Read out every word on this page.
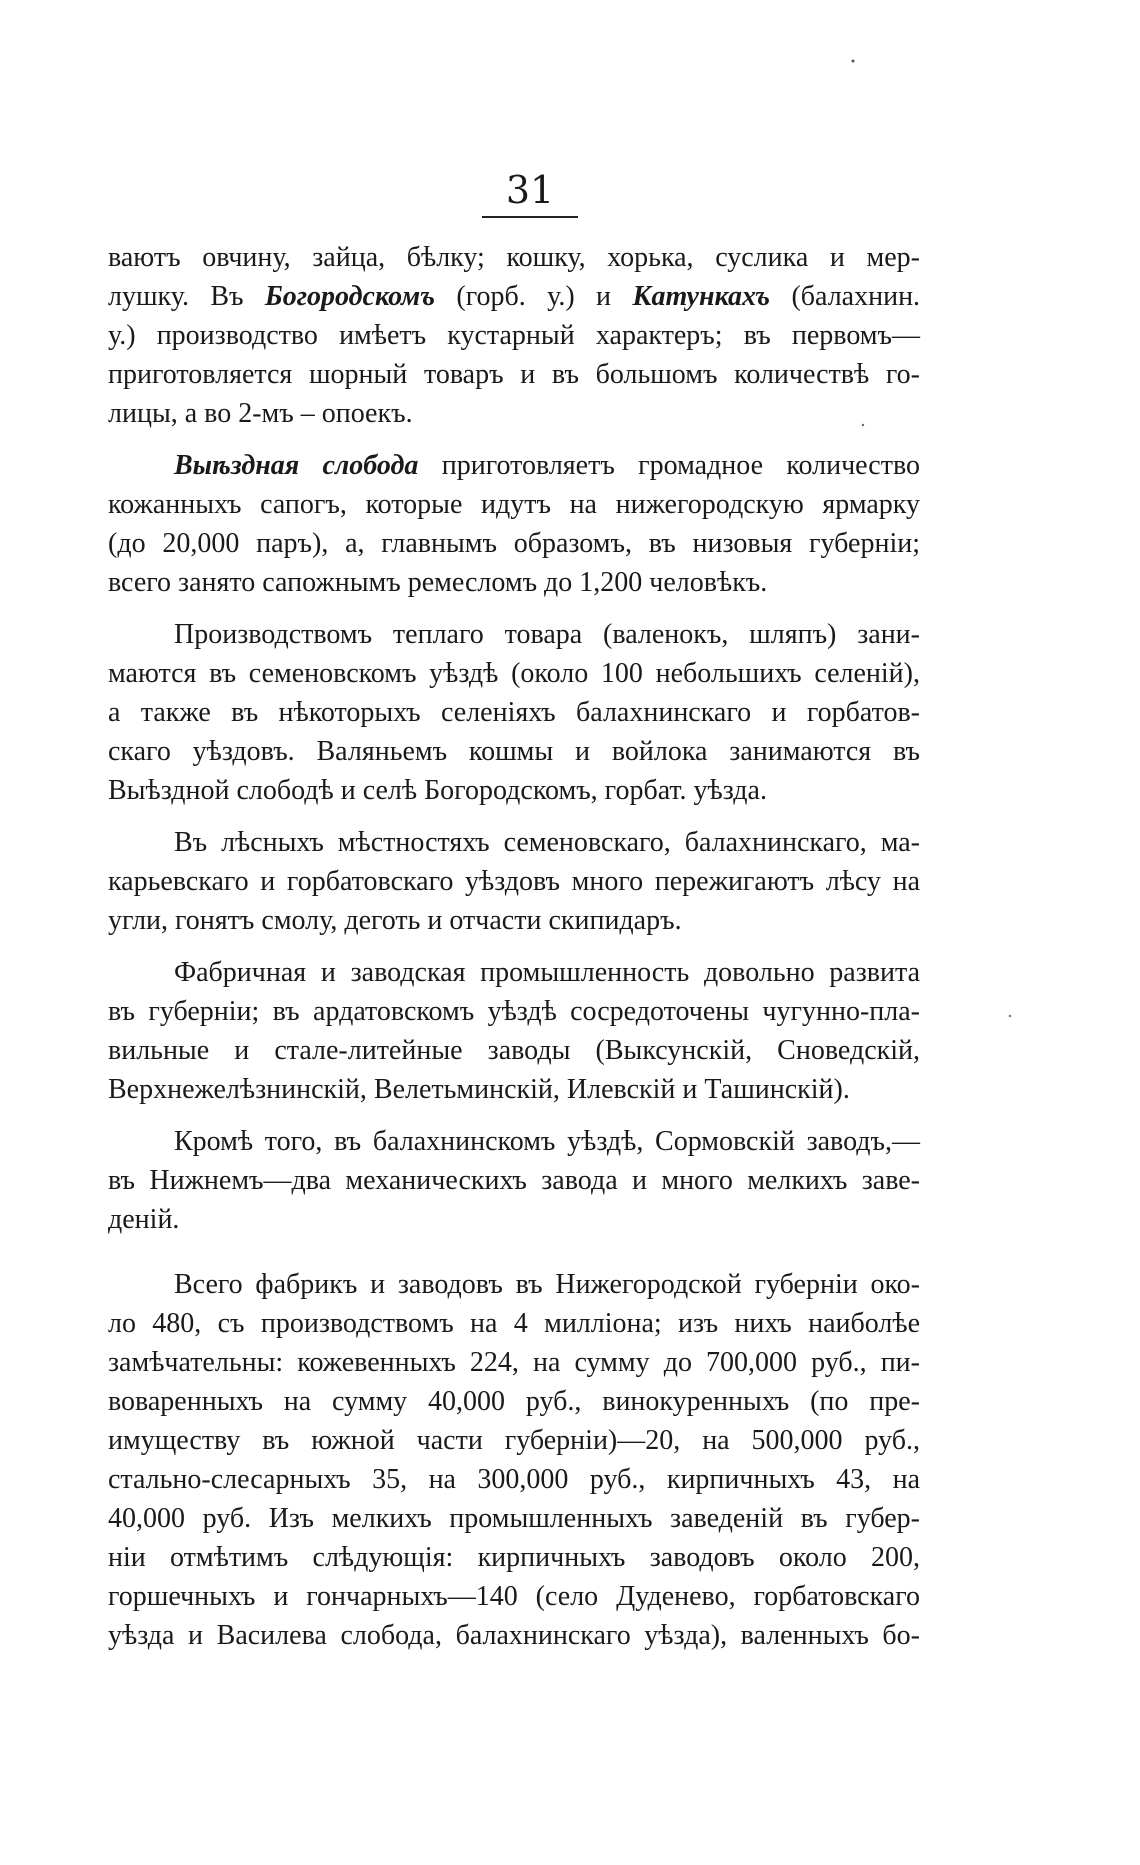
31
ваютъ овчину, зайца, бѣлку; кошку, хорька, суслика и мер-
лушку. Въ Богородскомъ (горб. у.) и Катункахъ (балахнин.
у.) производство имѣетъ кустарный характеръ; въ первомъ—
приготовляется шорный товаръ и въ большомъ количествѣ го-
лицы, а во 2-мъ – опоекъ.
Выѣздная слобода приготовляетъ громадное количество
кожанныхъ сапогъ, которые идутъ на нижегородскую ярмарку
(до 20,000 паръ), а, главнымъ образомъ, въ низовыя губерніи;
всего занято сапожнымъ ремесломъ до 1,200 человѣкъ.
Производствомъ теплаго товара (валенокъ, шляпъ) зани-
маются въ семеновскомъ уѣздѣ (около 100 небольшихъ селеній),
а также въ нѣкоторыхъ селеніяхъ балахнинскаго и горбатов-
скаго уѣздовъ. Валяньемъ кошмы и войлока занимаются въ
Выѣздной слободѣ и селѣ Богородскомъ, горбат. уѣзда.
Въ лѣсныхъ мѣстностяхъ семеновскаго, балахнинскаго, ма-
карьевскаго и горбатовскаго уѣздовъ много пережигаютъ лѣсу на
угли, гонятъ смолу, деготь и отчасти скипидаръ.
Фабричная и заводская промышленность довольно развита
въ губерніи; въ ардатовскомъ уѣздѣ сосредоточены чугунно-пла-
вильные и стале-литейные заводы (Выксунскій, Сноведскій,
Верхнежелѣзнинскій, Велетьминскій, Илевскій и Ташинскій).
Кромѣ того, въ балахнинскомъ уѣздѣ, Сормовскій заводъ,—
въ Нижнемъ—два механическихъ завода и много мелкихъ заве-
деній.
Всего фабрикъ и заводовъ въ Нижегородской губерніи око-
ло 480, съ производствомъ на 4 милліона; изъ нихъ наиболѣе
замѣчательны: кожевенныхъ 224, на сумму до 700,000 руб., пи-
воваренныхъ на сумму 40,000 руб., винокуренныхъ (по пре-
имуществу въ южной части губерніи)—20, на 500,000 руб.,
стально-слесарныхъ 35, на 300,000 руб., кирпичныхъ 43, на
40,000 руб. Изъ мелкихъ промышленныхъ заведеній въ губер-
ніи отмѣтимъ слѣдующія: кирпичныхъ заводовъ около 200,
горшечныхъ и гончарныхъ—140 (село Дуденево, горбатовскаго
уѣзда и Василева слобода, балахнинскаго уѣзда), валенныхъ бо-
